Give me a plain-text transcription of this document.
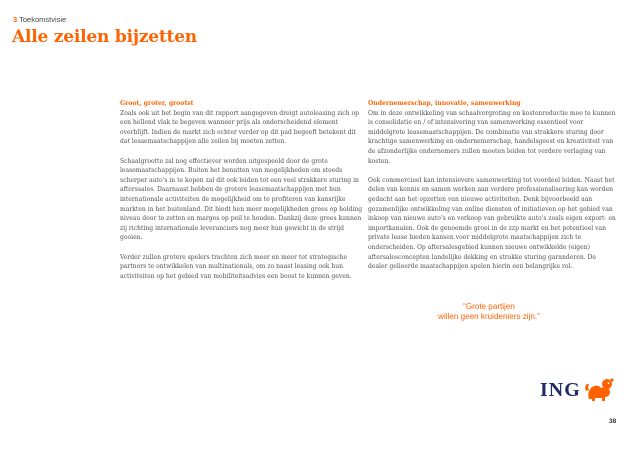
3 Toekomstvisie
Alle zeilen bijzetten
Groot, groter, grootst

Zoals ook uit het begin van dit rapport aangegeven dreigt autoleasing zich op een hellend vlak te begeven wanneer prijs als onderscheidend element overblijft. Indien de markt zich echter verder op dit pad begeeft betekent dit dat leasemaatschappijen alle zeilen bij moeten zetten.

Schaalgrootte zal nog effectiever worden uitgespeeld door de grote leasemaatschappijen. Buiten het benutten van mogelijkheden om steeds scherper auto's in te kopen zal dit ook leiden tot een veel strakkere sturing in afterssales. Daarnaast hebben de grotere leasemaatschappijen met hun internationale activiteiten de mogelijkheid om te profiteren van kansrijke markten in het buitenland. Dit biedt hen meer mogelijkheden grees op holding niveau door te zetten en marges op peil te houden. Dankzij deze grees kunnen zij richting internationale leveranciers nog meer hun gewicht in de strijd gooien.

Verder zullen grotere spelers trachten zich meer en meer tot strategische partners te ontwikkelen van multinationals, om zo naast leasing ook hun activiteiten op het gebied van mobiliteitsadvies een boost te kunnen geven.

Ondernemerschap, innovatie, samenwerking

Om in deze ontwikkeling van schaalvergroting en kostenreductie mee te kunnen is consolidatie en / of intensivering van samenwerking essentieel voor middelgrote leasemaatschappijen. De combinatie van strakkere sturing door krachtige samenwerking en ondernemerschap, handelsgeest en kreativiteit van de afzonderlijke ondernemers zullen moeten leiden tot verdere verlaging van kosten.

Ook commercieel kan intensievere samenwerking tot voordeel leiden. Naast het delen van kennis en samen werken aan verdere professionalisering kan worden gedacht aan het opzetten van nieuwe activiteiten. Denk bijvoorbeeld aan gezamenlijke ontwikkeling van online diensten of initiatieven op het gebied van inkoop van nieuwe auto's en verkoop van gebruikte auto's zoals eigen export- en importkanalen. Ook de genoemde groei in de zzp markt en het potentieel van private lease bieden kansen voor middelgrote maatschappijen zich te onderscheiden. Op aftersalesgebied kunnen nieuwe ontwikkelde (eigen) aftersalesconcepten landelijke dekking en strakke sturing garanderen. De dealer gelieerde maatschappijen spelen hierin een belangrijke rol.

“Grote partijen
willen geen kruideniers zijn.”
ING
38
